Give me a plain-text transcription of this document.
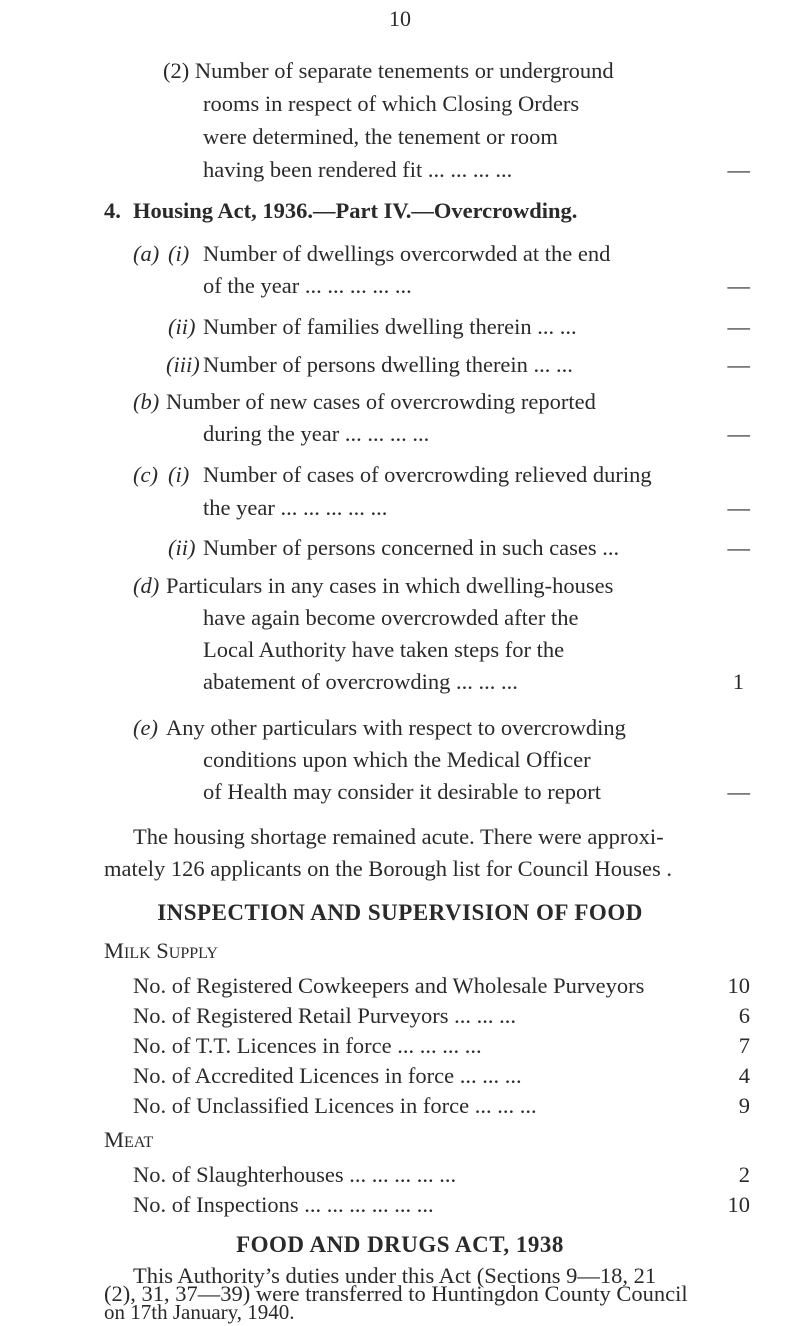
10
(2) Number of separate tenements or underground
rooms in respect of which Closing Orders
were determined, the tenement or room
having been rendered fit ... ... ... ...	—
4. Housing Act, 1936.—Part IV.—Overcrowding.
(a) (i) Number of dwellings overcorwded at the end
of the year ... ... ... ... ...	—
(ii) Number of families dwelling therein ... ...	—
(iii) Number of persons dwelling therein ... ...	—
(b) Number of new cases of overcrowding reported
during the year ... ... ... ...	—
(c) (i) Number of cases of overcrowding relieved during
the year ... ... ... ... ...	—
(ii) Number of persons concerned in such cases ...	—
(d) Particulars in any cases in which dwelling-houses
have again become overcrowded after the
Local Authority have taken steps for the
abatement of overcrowding ... ... ...	1
(e) Any other particulars with respect to overcrowding
conditions upon which the Medical Officer
of Health may consider it desirable to report	—
The housing shortage remained acute. There were approxi-
mately 126 applicants on the Borough list for Council Houses .
INSPECTION AND SUPERVISION OF FOOD
Milk Supply
No. of Registered Cowkeepers and Wholesale Purveyors	10
No. of Registered Retail Purveyors ... ... ...	6
No. of T.T. Licences in force ... ... ... ...	7
No. of Accredited Licences in force ... ... ...	4
No. of Unclassified Licences in force ... ... ...	9
Meat
No. of Slaughterhouses ... ... ... ... ...	2
No. of Inspections ... ... ... ... ... ...	10
FOOD AND DRUGS ACT, 1938
This Authority’s duties under this Act (Sections 9—18, 21
(2), 31, 37—39) were transferred to Huntingdon County Council
on 17th January, 1940.
